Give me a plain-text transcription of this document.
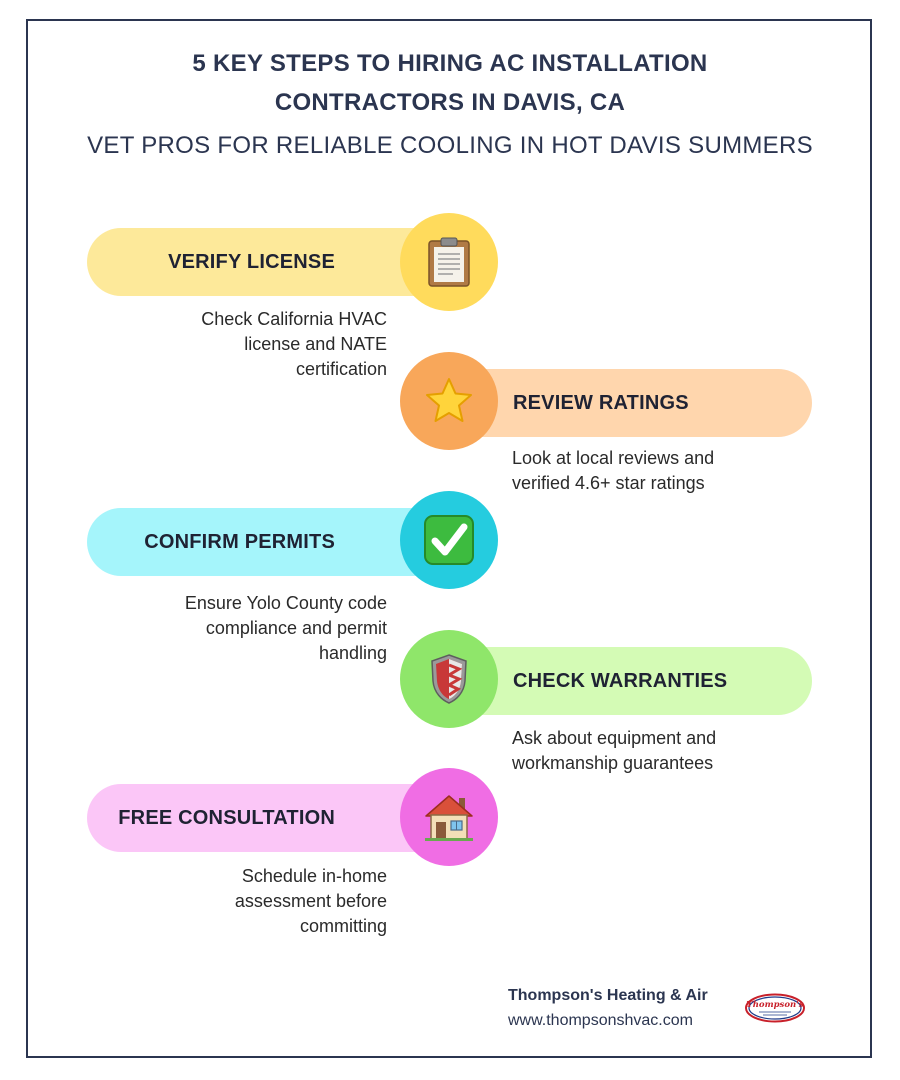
5 KEY STEPS TO HIRING AC INSTALLATION
CONTRACTORS IN DAVIS, CA
VET PROS FOR RELIABLE COOLING IN HOT DAVIS SUMMERS
VERIFY LICENSE
Check California HVAC
license and NATE
certification
REVIEW RATINGS
Look at local reviews and
verified 4.6+ star ratings
CONFIRM PERMITS
Ensure Yolo County code
compliance and permit
handling
CHECK WARRANTIES
Ask about equipment and
workmanship guarantees
FREE CONSULTATION
Schedule in-home
assessment before
committing
Thompson's Heating & Air
www.thompsonshvac.com
Thompson's
